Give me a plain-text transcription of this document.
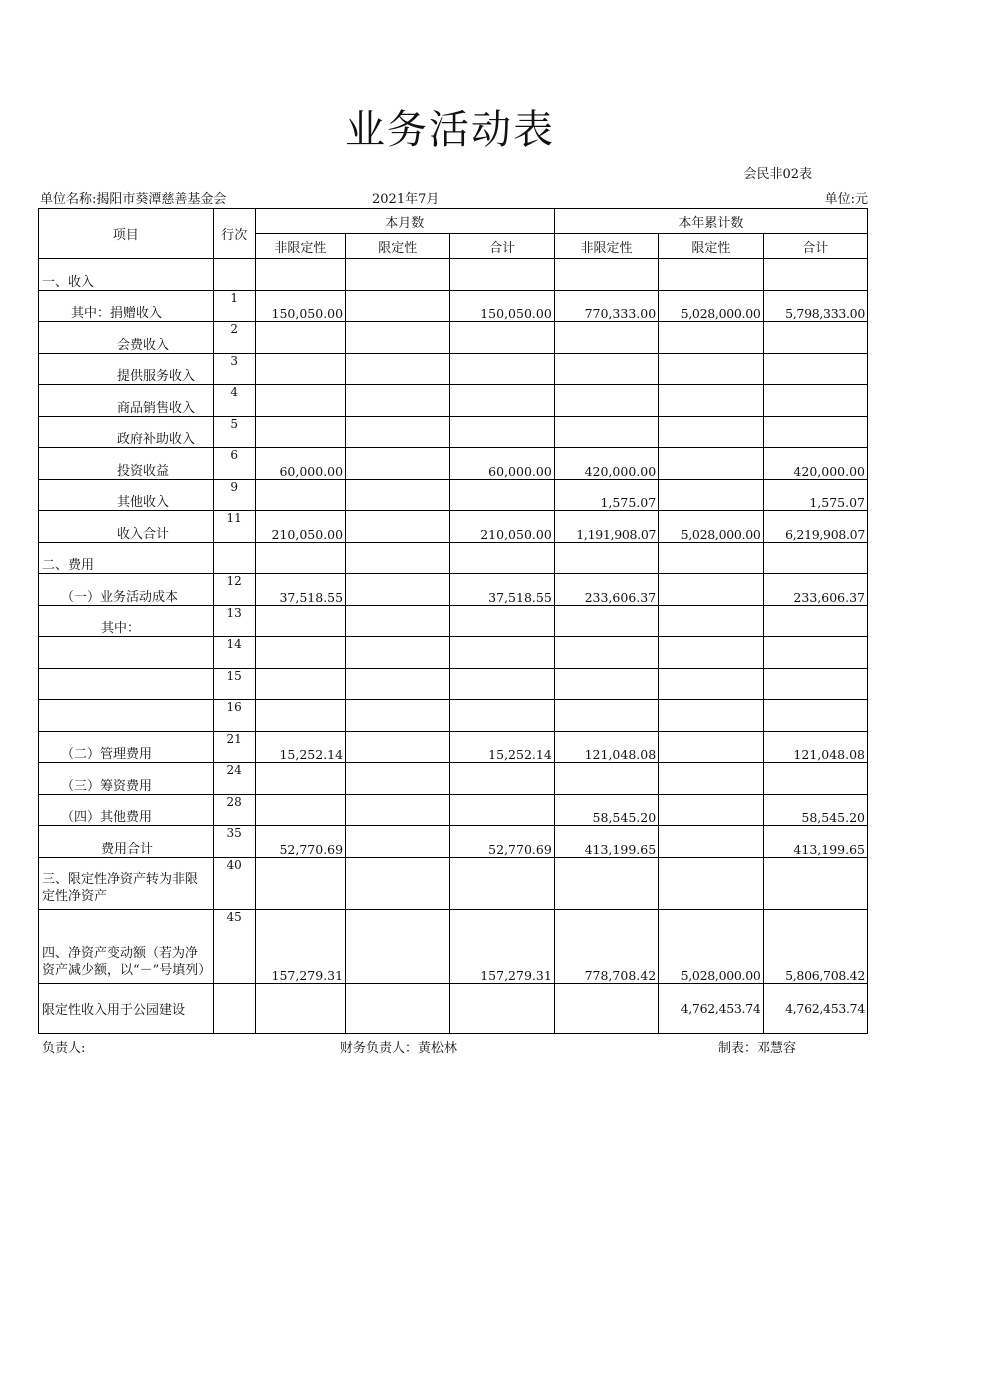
业务活动表
会民非02表
单位名称:揭阳市葵潭慈善基金会	2021年7月	单位:元
项目	行次	本月数			本年累计数		
		非限定性	限定性	合计	非限定性	限定性	合计
一、收入							
其中：捐赠收入	1	150,050.00		150,050.00	770,333.00	5,028,000.00	5,798,333.00
会费收入	2						
提供服务收入	3						
商品销售收入	4						
政府补助收入	5						
投资收益	6	60,000.00		60,000.00	420,000.00		420,000.00
其他收入	9				1,575.07		1,575.07
收入合计	11	210,050.00		210,050.00	1,191,908.07	5,028,000.00	6,219,908.07
二、费用							
（一）业务活动成本	12	37,518.55		37,518.55	233,606.37		233,606.37
其中：	13						
	14						
	15						
	16						
（二）管理费用	21	15,252.14		15,252.14	121,048.08		121,048.08
（三）筹资费用	24						
（四）其他费用	28				58,545.20		58,545.20
费用合计	35	52,770.69		52,770.69	413,199.65		413,199.65
三、限定性净资产转为非限定性净资产	40						
四、净资产变动额（若为净资产减少额，以“－”号填列）	45	157,279.31		157,279.31	778,708.42	5,028,000.00	5,806,708.42
限定性收入用于公园建设						4,762,453.74	4,762,453.74
负责人:	财务负责人：黄松林	制表：邓慧容
